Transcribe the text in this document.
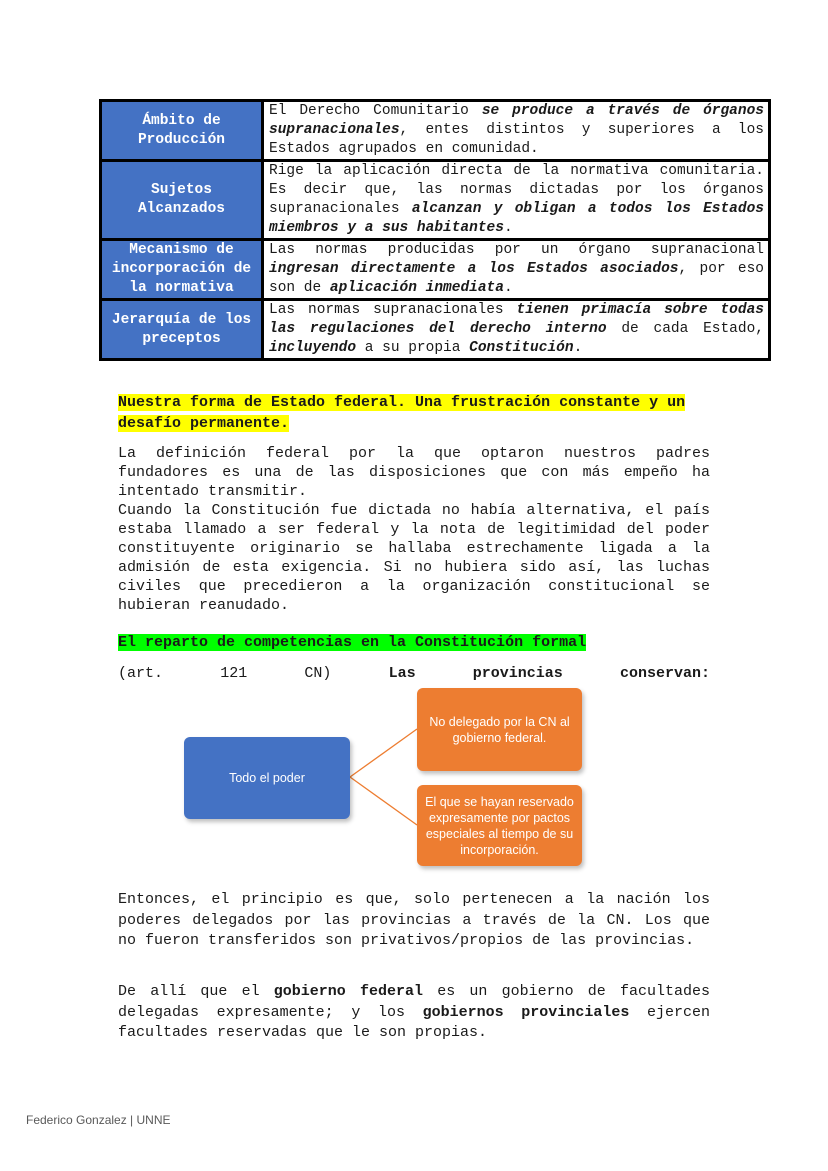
Ámbito de Producción	El Derecho Comunitario se produce a través de órganos supranacionales, entes distintos y superiores a los Estados agrupados en comunidad.
Sujetos Alcanzados	Rige la aplicación directa de la normativa comunitaria. Es decir que, las normas dictadas por los órganos supranacionales alcanzan y obligan a todos los Estados miembros y a sus habitantes.
Mecanismo de incorporación de la normativa	Las normas producidas por un órgano supranacional ingresan directamente a los Estados asociados, por eso son de aplicación inmediata.
Jerarquía de los preceptos	Las normas supranacionales tienen primacía sobre todas las regulaciones del derecho interno de cada Estado, incluyendo a su propia Constitución.

Nuestra forma de Estado federal. Una frustración constante y un desafío permanente.

La definición federal por la que optaron nuestros padres fundadores es una de las disposiciones que con más empeño ha intentado transmitir.
Cuando la Constitución fue dictada no había alternativa, el país estaba llamado a ser federal y la nota de legitimidad del poder constituyente originario se hallaba estrechamente ligada a la admisión de esta exigencia. Si no hubiera sido así, las luchas civiles que precedieron a la organización constitucional se hubieran reanudado.

El reparto de competencias en la Constitución formal

(art.	121	CN)	Las	provincias	conservan:
Todo el poder
No delegado por la CN al gobierno federal.
El que se hayan reservado expresamente por pactos especiales al tiempo de su incorporación.

Entonces, el principio es que, solo pertenecen a la nación los poderes delegados por las provincias a través de la CN. Los que no fueron transferidos son privativos/propios de las provincias.

De allí que el gobierno federal es un gobierno de facultades delegadas expresamente; y los gobiernos provinciales ejercen facultades reservadas que le son propias.

Federico Gonzalez | UNNE
